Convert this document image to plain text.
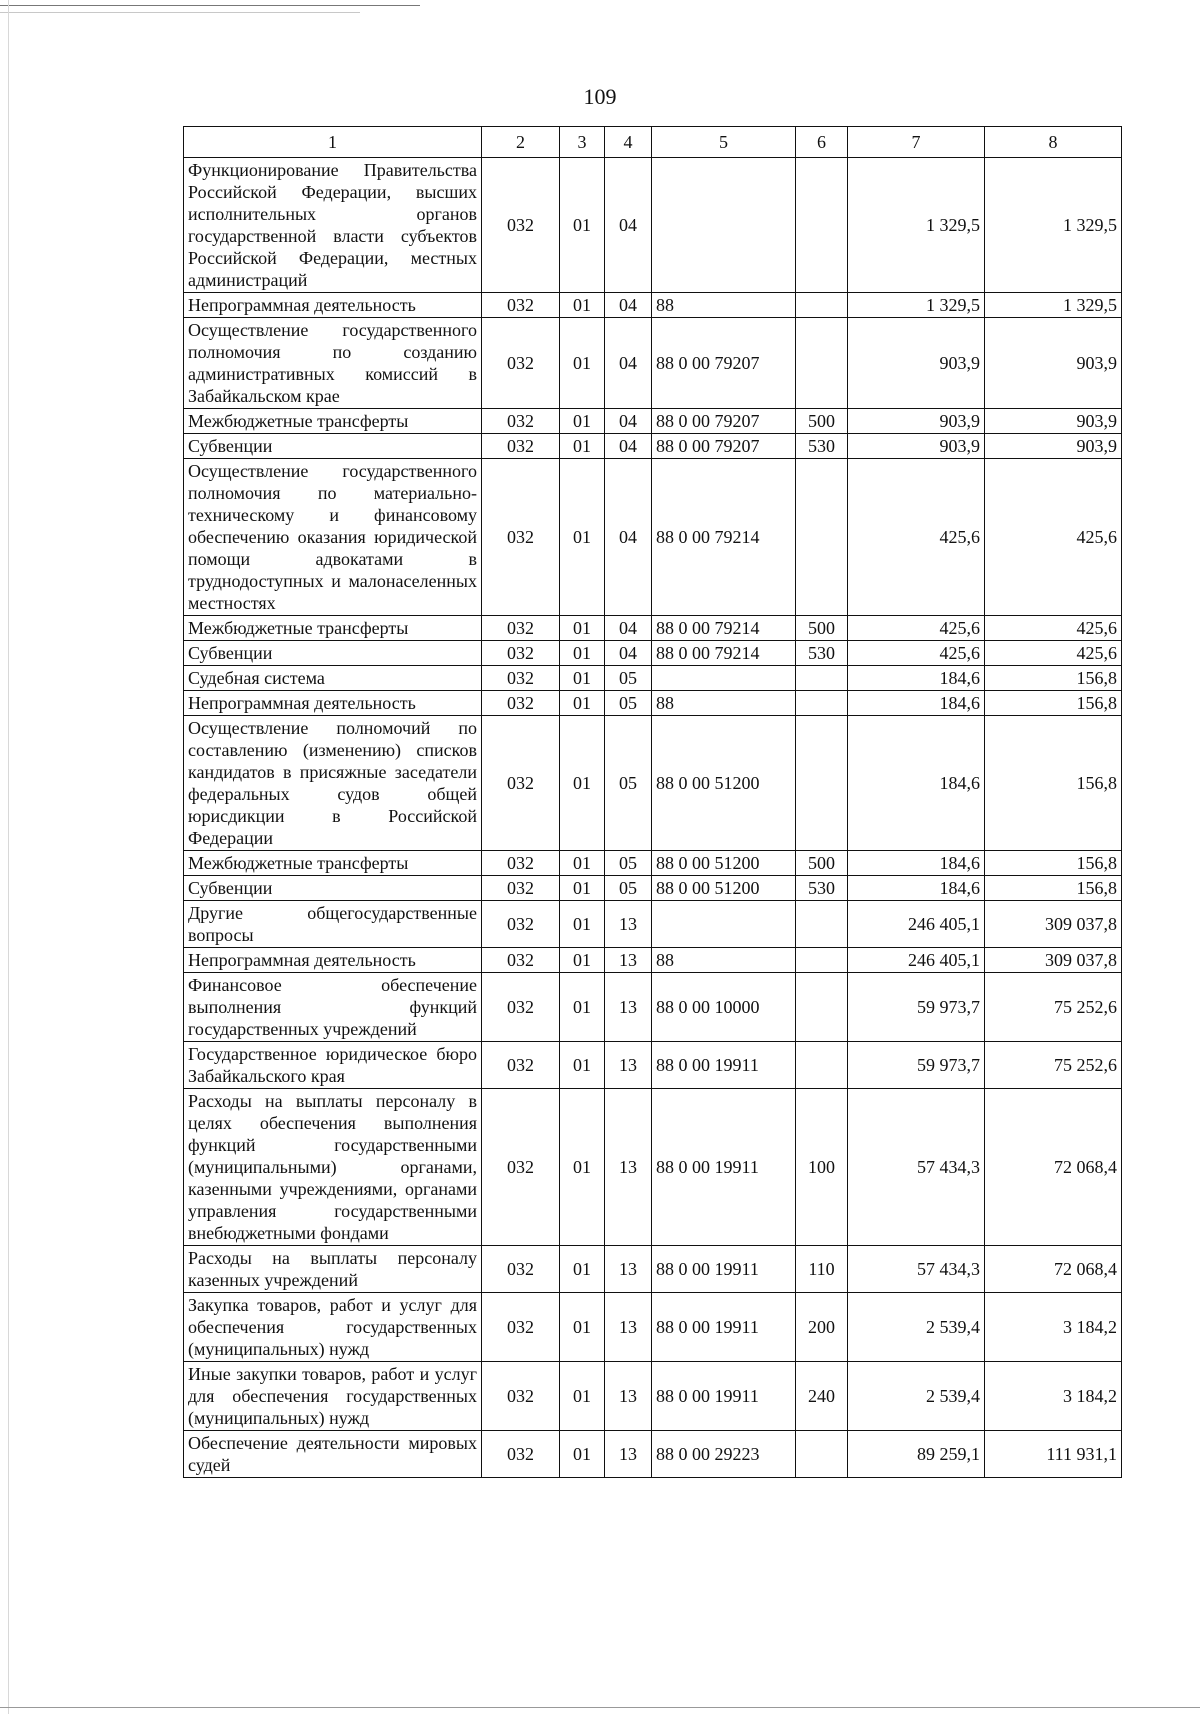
109
1	2	3	4	5	6	7	8
Функционирование Правительства Российской Федерации, высших исполнительных органов государственной власти субъектов Российской Федерации, местных администраций	032	01	04			1 329,5	1 329,5
Непрограммная деятельность	032	01	04	88		1 329,5	1 329,5
Осуществление государственного полномочия по созданию административных комиссий в Забайкальском крае	032	01	04	88 0 00 79207		903,9	903,9
Межбюджетные трансферты	032	01	04	88 0 00 79207	500	903,9	903,9
Субвенции	032	01	04	88 0 00 79207	530	903,9	903,9
Осуществление государственного полномочия по материально-техническому и финансовому обеспечению оказания юридической помощи адвокатами в труднодоступных и малонаселенных местностях	032	01	04	88 0 00 79214		425,6	425,6
Межбюджетные трансферты	032	01	04	88 0 00 79214	500	425,6	425,6
Субвенции	032	01	04	88 0 00 79214	530	425,6	425,6
Судебная система	032	01	05			184,6	156,8
Непрограммная деятельность	032	01	05	88		184,6	156,8
Осуществление полномочий по составлению (изменению) списков кандидатов в присяжные заседатели федеральных судов общей юрисдикции в Российской Федерации	032	01	05	88 0 00 51200		184,6	156,8
Межбюджетные трансферты	032	01	05	88 0 00 51200	500	184,6	156,8
Субвенции	032	01	05	88 0 00 51200	530	184,6	156,8
Другие общегосударственные вопросы	032	01	13			246 405,1	309 037,8
Непрограммная деятельность	032	01	13	88		246 405,1	309 037,8
Финансовое обеспечение выполнения функций государственных учреждений	032	01	13	88 0 00 10000		59 973,7	75 252,6
Государственное юридическое бюро Забайкальского края	032	01	13	88 0 00 19911		59 973,7	75 252,6
Расходы на выплаты персоналу в целях обеспечения выполнения функций государственными (муниципальными) органами, казенными учреждениями, органами управления государственными внебюджетными фондами	032	01	13	88 0 00 19911	100	57 434,3	72 068,4
Расходы на выплаты персоналу казенных учреждений	032	01	13	88 0 00 19911	110	57 434,3	72 068,4
Закупка товаров, работ и услуг для обеспечения государственных (муниципальных) нужд	032	01	13	88 0 00 19911	200	2 539,4	3 184,2
Иные закупки товаров, работ и услуг для обеспечения государственных (муниципальных) нужд	032	01	13	88 0 00 19911	240	2 539,4	3 184,2
Обеспечение деятельности мировых судей	032	01	13	88 0 00 29223		89 259,1	111 931,1
